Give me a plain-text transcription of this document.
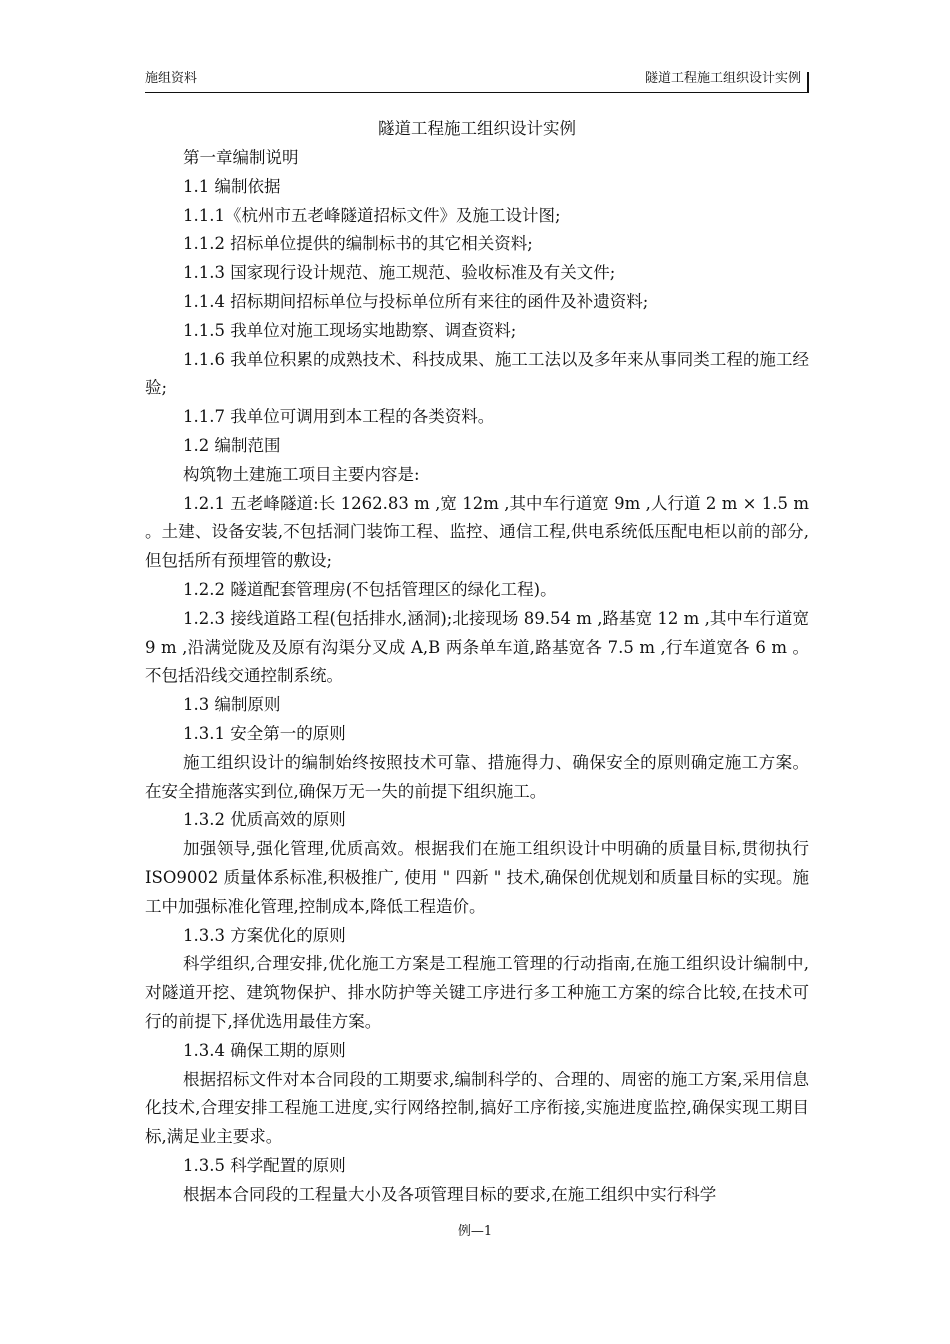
施组资料	隧道工程施工组织设计实例
隧道工程施工组织设计实例

第一章编制说明

1.1 编制依据

1.1.1《杭州市五老峰隧道招标文件》及施工设计图;

1.1.2 招标单位提供的编制标书的其它相关资料;

1.1.3 国家现行设计规范、施工规范、验收标准及有关文件;

1.1.4 招标期间招标单位与投标单位所有来往的函件及补遗资料;

1.1.5 我单位对施工现场实地勘察、调查资料;

1.1.6 我单位积累的成熟技术、科技成果、施工工法以及多年来从事同类工程的施工经验;

1.1.7 我单位可调用到本工程的各类资料。

1.2 编制范围

构筑物土建施工项目主要内容是:

1.2.1 五老峰隧道:长 1262.83 m ,宽 12m ,其中车行道宽 9m ,人行道 2 m × 1.5 m 。土建、设备安装,不包括洞门装饰工程、监控、通信工程,供电系统低压配电柜以前的部分,但包括所有预埋管的敷设;

1.2.2 隧道配套管理房(不包括管理区的绿化工程)。

1.2.3 接线道路工程(包括排水,涵洞);北接现场 89.54 m ,路基宽 12 m ,其中车行道宽 9 m ,沿满觉陇及及原有沟渠分叉成 A,B 两条单车道,路基宽各 7.5 m ,行车道宽各 6 m 。不包括沿线交通控制系统。

1.3 编制原则

1.3.1 安全第一的原则

施工组织设计的编制始终按照技术可靠、措施得力、确保安全的原则确定施工方案。在安全措施落实到位,确保万无一失的前提下组织施工。

1.3.2 优质高效的原则

加强领导,强化管理,优质高效。根据我们在施工组织设计中明确的质量目标,贯彻执行 ISO9002 质量体系标准,积极推广, 使用 " 四新 " 技术,确保创优规划和质量目标的实现。施工中加强标准化管理,控制成本,降低工程造价。

1.3.3 方案优化的原则

科学组织,合理安排,优化施工方案是工程施工管理的行动指南,在施工组织设计编制中,对隧道开挖、建筑物保护、排水防护等关键工序进行多工种施工方案的综合比较,在技术可行的前提下,择优选用最佳方案。

1.3.4 确保工期的原则

根据招标文件对本合同段的工期要求,编制科学的、合理的、周密的施工方案,采用信息化技术,合理安排工程施工进度,实行网络控制,搞好工序衔接,实施进度监控,确保实现工期目标,满足业主要求。

1.3.5 科学配置的原则

根据本合同段的工程量大小及各项管理目标的要求,在施工组织中实行科学

例—1
